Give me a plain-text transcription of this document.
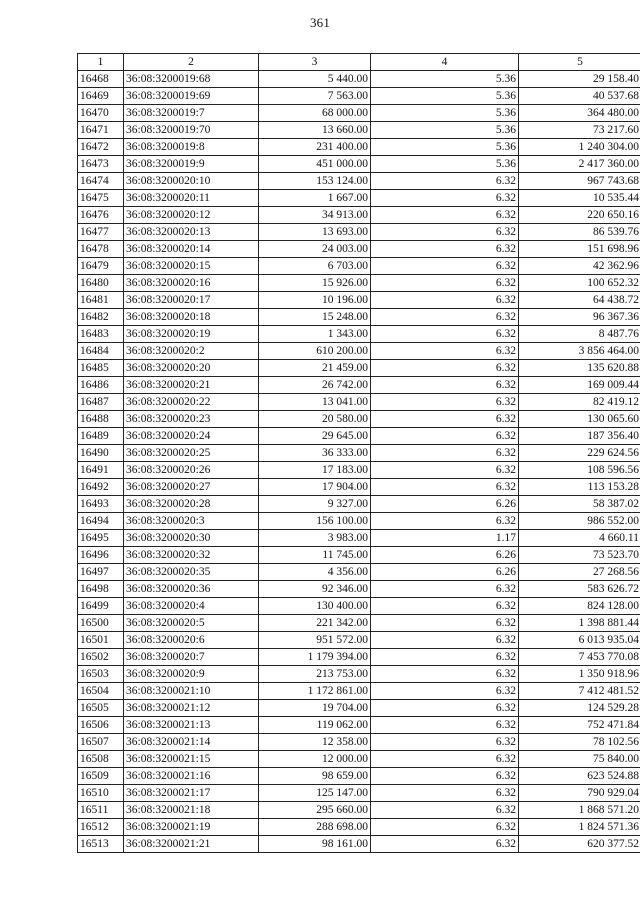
361
1	2	3	4	5
16468	36:08:3200019:68	5 440.00	5.36	29 158.40
16469	36:08:3200019:69	7 563.00	5.36	40 537.68
16470	36:08:3200019:7	68 000.00	5.36	364 480.00
16471	36:08:3200019:70	13 660.00	5.36	73 217.60
16472	36:08:3200019:8	231 400.00	5.36	1 240 304.00
16473	36:08:3200019:9	451 000.00	5.36	2 417 360.00
16474	36:08:3200020:10	153 124.00	6.32	967 743.68
16475	36:08:3200020:11	1 667.00	6.32	10 535.44
16476	36:08:3200020:12	34 913.00	6.32	220 650.16
16477	36:08:3200020:13	13 693.00	6.32	86 539.76
16478	36:08:3200020:14	24 003.00	6.32	151 698.96
16479	36:08:3200020:15	6 703.00	6.32	42 362.96
16480	36:08:3200020:16	15 926.00	6.32	100 652.32
16481	36:08:3200020:17	10 196.00	6.32	64 438.72
16482	36:08:3200020:18	15 248.00	6.32	96 367.36
16483	36:08:3200020:19	1 343.00	6.32	8 487.76
16484	36:08:3200020:2	610 200.00	6.32	3 856 464.00
16485	36:08:3200020:20	21 459.00	6.32	135 620.88
16486	36:08:3200020:21	26 742.00	6.32	169 009.44
16487	36:08:3200020:22	13 041.00	6.32	82 419.12
16488	36:08:3200020:23	20 580.00	6.32	130 065.60
16489	36:08:3200020:24	29 645.00	6.32	187 356.40
16490	36:08:3200020:25	36 333.00	6.32	229 624.56
16491	36:08:3200020:26	17 183.00	6.32	108 596.56
16492	36:08:3200020:27	17 904.00	6.32	113 153.28
16493	36:08:3200020:28	9 327.00	6.26	58 387.02
16494	36:08:3200020:3	156 100.00	6.32	986 552.00
16495	36:08:3200020:30	3 983.00	1.17	4 660.11
16496	36:08:3200020:32	11 745.00	6.26	73 523.70
16497	36:08:3200020:35	4 356.00	6.26	27 268.56
16498	36:08:3200020:36	92 346.00	6.32	583 626.72
16499	36:08:3200020:4	130 400.00	6.32	824 128.00
16500	36:08:3200020:5	221 342.00	6.32	1 398 881.44
16501	36:08:3200020:6	951 572.00	6.32	6 013 935.04
16502	36:08:3200020:7	1 179 394.00	6.32	7 453 770.08
16503	36:08:3200020:9	213 753.00	6.32	1 350 918.96
16504	36:08:3200021:10	1 172 861.00	6.32	7 412 481.52
16505	36:08:3200021:12	19 704.00	6.32	124 529.28
16506	36:08:3200021:13	119 062.00	6.32	752 471.84
16507	36:08:3200021:14	12 358.00	6.32	78 102.56
16508	36:08:3200021:15	12 000.00	6.32	75 840.00
16509	36:08:3200021:16	98 659.00	6.32	623 524.88
16510	36:08:3200021:17	125 147.00	6.32	790 929.04
16511	36:08:3200021:18	295 660.00	6.32	1 868 571.20
16512	36:08:3200021:19	288 698.00	6.32	1 824 571.36
16513	36:08:3200021:21	98 161.00	6.32	620 377.52
